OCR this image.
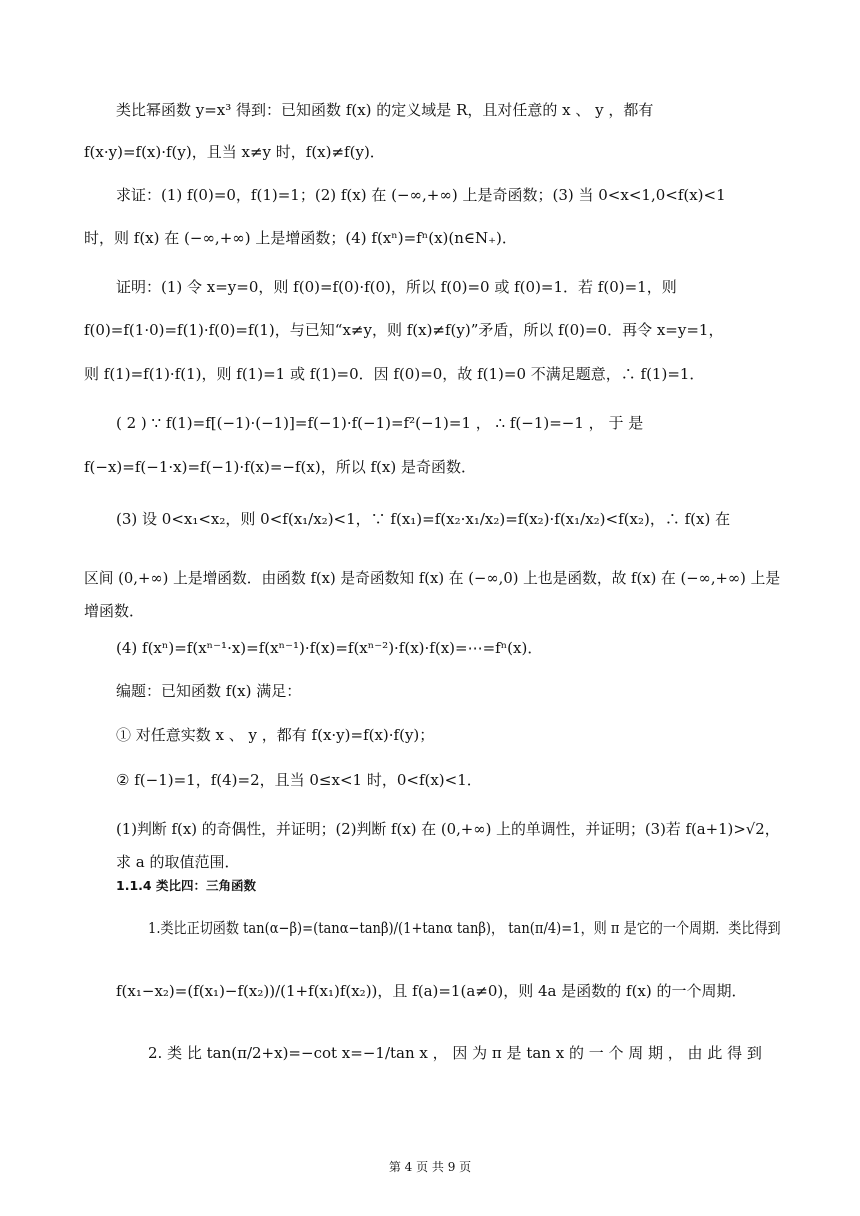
类比幂函数 y=x³ 得到：已知函数 f(x) 的定义域是 R，且对任意的 x 、 y ，都有
f(x·y)=f(x)·f(y)，且当 x≠y 时，f(x)≠f(y)．
求证：(1) f(0)=0，f(1)=1；(2) f(x) 在 (−∞,+∞) 上是奇函数；(3) 当 0<x<1,0<f(x)<1
时，则 f(x) 在 (−∞,+∞) 上是增函数；(4) f(xⁿ)=fⁿ(x)(n∈N₊)．
证明：(1) 令 x=y=0，则 f(0)=f(0)·f(0)，所以 f(0)=0 或 f(0)=1．若 f(0)=1，则
f(0)=f(1·0)=f(1)·f(0)=f(1)，与已知“x≠y，则 f(x)≠f(y)”矛盾，所以 f(0)=0．再令 x=y=1，
则 f(1)=f(1)·f(1)，则 f(1)=1 或 f(1)=0．因 f(0)=0，故 f(1)=0 不满足题意，∴ f(1)=1．
( 2 ) ∵ f(1)=f[(−1)·(−1)]=f(−1)·f(−1)=f²(−1)=1 ， ∴ f(−1)=−1 ， 于 是
f(−x)=f(−1·x)=f(−1)·f(x)=−f(x)，所以 f(x) 是奇函数．
(3) 设 0<x₁<x₂，则 0<f(x₁/x₂)<1，∵ f(x₁)=f(x₂·x₁/x₂)=f(x₂)·f(x₁/x₂)<f(x₂)，∴ f(x) 在
区间 (0,+∞) 上是增函数．由函数 f(x) 是奇函数知 f(x) 在 (−∞,0) 上也是函数，故 f(x) 在 (−∞,+∞) 上是
增函数．
(4) f(xⁿ)=f(xⁿ⁻¹·x)=f(xⁿ⁻¹)·f(x)=f(xⁿ⁻²)·f(x)·f(x)=⋯=fⁿ(x)．
编题：已知函数 f(x) 满足：
① 对任意实数 x 、 y ，都有 f(x·y)=f(x)·f(y)；
② f(−1)=1，f(4)=2，且当 0≤x<1 时，0<f(x)<1．
(1)判断 f(x) 的奇偶性，并证明；(2)判断 f(x) 在 (0,+∞) 上的单调性，并证明；(3)若 f(a+1)>√2，
求 a 的取值范围．
1.1.4 类比四：三角函数
1.类比正切函数 tan(α−β)=(tanα−tanβ)/(1+tanα tanβ)， tan(π/4)=1，则 π 是它的一个周期．类比得到
f(x₁−x₂)=(f(x₁)−f(x₂))/(1+f(x₁)f(x₂))，且 f(a)=1(a≠0)，则 4a 是函数的 f(x) 的一个周期．
2. 类 比 tan(π/2+x)=−cot x=−1/tan x ， 因 为 π 是 tan x 的 一 个 周 期 ， 由 此 得 到
第 4 页 共 9 页
